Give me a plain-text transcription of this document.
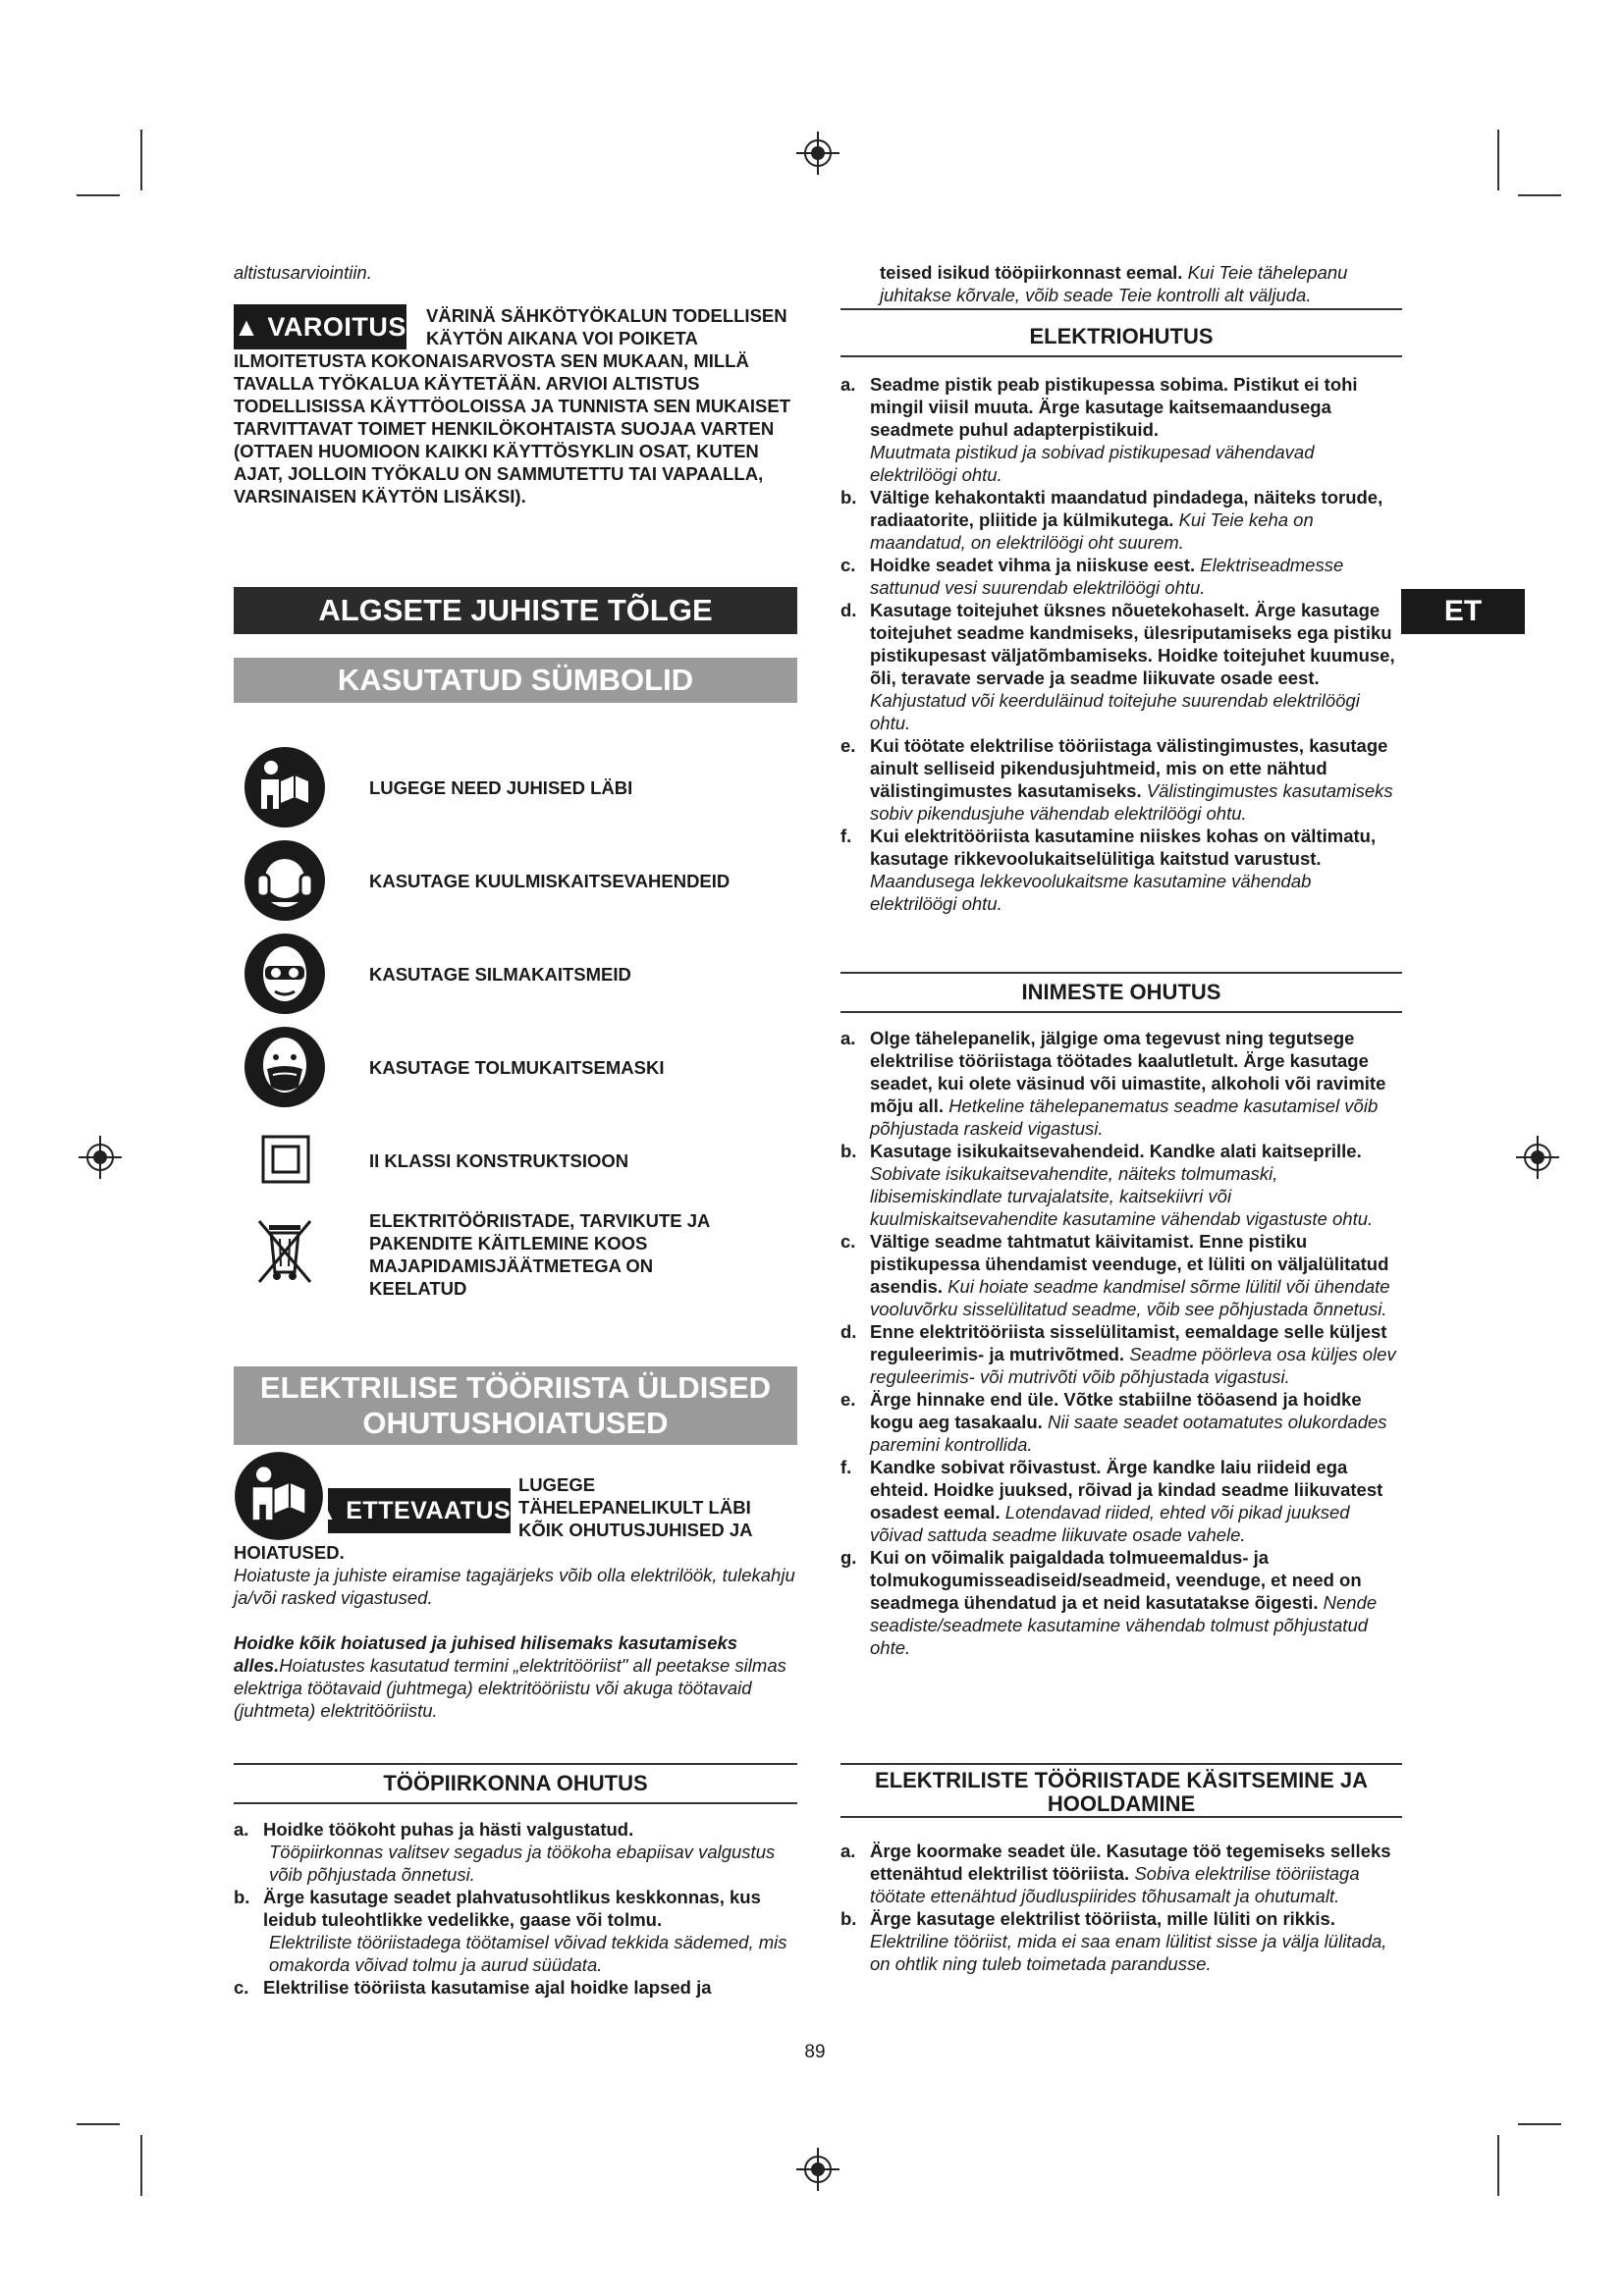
ET
altistusarviointiin.
▲ VAROITUS VÄRINÄ SÄHKÖTYÖKALUN TODELLISEN
KÄYTÖN AIKANA VOI POIKETA
ILMOITETUSTA KOKONAISARVOSTA SEN MUKAAN, MILLÄ TAVALLA TYÖKALUA KÄYTETÄÄN. ARVIOI ALTISTUS TODELLISISSA KÄYTTÖOLOISSA JA TUNNISTA SEN MUKAISET TARVITTAVAT TOIMET HENKILÖKOHTAISTA SUOJAA VARTEN (OTTAEN HUOMIOON KAIKKI KÄYTTÖSYKLIN OSAT, KUTEN AJAT, JOLLOIN TYÖKALU ON SAMMUTETTU TAI VAPAALLA, VARSINAISEN KÄYTÖN LISÄKSI).
ALGSETE JUHISTE TÕLGE
KASUTATUD SÜMBOLID
LUGEGE NEED JUHISED LÄBI
KASUTAGE KUULMISKAITSEVAHENDEID
KASUTAGE SILMAKAITSMEID
KASUTAGE TOLMUKAITSEMASKI
II KLASSI KONSTRUKTSIOON
ELEKTRITÖÖRIISTADE, TARVIKUTE JA PAKENDITE KÄITLEMINE KOOS MAJAPIDAMISJÄÄTMETEGA ON KEELATUD
ELEKTRILISE TÖÖRIISTA ÜLDISED
OHUTUSHOIATUSED
▲ ETTEVAATUST
LUGEGE
TÄHELEPANELIKULT LÄBI
KÕIK OHUTUSJUHISED JA
HOIATUSED.
Hoiatuste ja juhiste eiramise tagajärjeks võib olla elektrilöök, tulekahju ja/või rasked vigastused.
Hoidke kõik hoiatused ja juhised hilisemaks kasutamiseks alles.Hoiatustes kasutatud termini „elektritööriist" all peetakse silmas elektriga töötavaid (juhtmega) elektritööriistu või akuga töötavaid (juhtmeta) elektritööriistu.
TÖÖPIIRKONNA OHUTUS
a. Hoidke töökoht puhas ja hästi valgustatud.
Tööpiirkonnas valitsev segadus ja töökoha ebapiisav valgustus võib põhjustada õnnetusi.
b. Ärge kasutage seadet plahvatusohtlikus keskkonnas, kus leidub tuleohtlikke vedelikke, gaase või tolmu.
Elektriliste tööriistadega töötamisel võivad tekkida sädemed, mis omakorda võivad tolmu ja aurud süüdata.
c. Elektrilise tööriista kasutamise ajal hoidke lapsed ja
teised isikud tööpiirkonnast eemal. Kui Teie tähelepanu juhitakse kõrvale, võib seade Teie kontrolli alt väljuda.
ELEKTRIOHUTUS
a. Seadme pistik peab pistikupessa sobima. Pistikut ei tohi mingil viisil muuta. Ärge kasutage kaitsemaandusega seadmete puhul adapterpistikuid.
Muutmata pistikud ja sobivad pistikupesad vähendavad elektrilöögi ohtu.
b. Vältige kehakontakti maandatud pindadega, näiteks torude, radiaatorite, pliitide ja külmikutega. Kui Teie keha on maandatud, on elektrilöögi oht suurem.
c. Hoidke seadet vihma ja niiskuse eest. Elektriseadmesse sattunud vesi suurendab elektrilöögi ohtu.
d. Kasutage toitejuhet üksnes nõuetekohaselt. Ärge kasutage toitejuhet seadme kandmiseks, ülesriputamiseks ega pistiku pistikupesast väljatõmbamiseks. Hoidke toitejuhet kuumuse, õli, teravate servade ja seadme liikuvate osade eest.
Kahjustatud või keerduläinud toitejuhe suurendab elektrilöögi ohtu.
e. Kui töötate elektrilise tööriistaga välistingimustes, kasutage ainult selliseid pikendusjuhtmeid, mis on ette nähtud välistingimustes kasutamiseks. Välistingimustes kasutamiseks sobiv pikendusjuhe vähendab elektrilöögi ohtu.
f. Kui elektritööriista kasutamine niiskes kohas on vältimatu, kasutage rikkevoolukaitselülitiga kaitstud varustust. Maandusega lekkevoolukaitsme kasutamine vähendab elektrilöögi ohtu.
INIMESTE OHUTUS
a. Olge tähelepanelik, jälgige oma tegevust ning tegutsege elektrilise tööriistaga töötades kaalutletult. Ärge kasutage seadet, kui olete väsinud või uimastite, alkoholi või ravimite mõju all. Hetkeline tähelepanematus seadme kasutamisel võib põhjustada raskeid vigastusi.
b. Kasutage isikukaitsevahendeid. Kandke alati kaitseprille. Sobivate isikukaitsevahendite, näiteks tolmumaski, libisemiskindlate turvajalatsite, kaitsekiivri või kuulmiskaitsevahendite kasutamine vähendab vigastuste ohtu.
c. Vältige seadme tahtmatut käivitamist. Enne pistiku pistikupessa ühendamist veenduge, et lüliti on väljalülitatud asendis. Kui hoiate seadme kandmisel sõrme lülitil või ühendate vooluvõrku sisselülitatud seadme, võib see põhjustada õnnetusi.
d. Enne elektritööriista sisselülitamist, eemaldage selle küljest reguleerimis- ja mutrivõtmed. Seadme pöörleva osa küljes olev reguleerimis- või mutrivõti võib põhjustada vigastusi.
e. Ärge hinnake end üle. Võtke stabiilne tööasend ja hoidke kogu aeg tasakaalu. Nii saate seadet ootamatutes olukordades paremini kontrollida.
f. Kandke sobivat rõivastust. Ärge kandke laiu riideid ega ehteid. Hoidke juuksed, rõivad ja kindad seadme liikuvatest osadest eemal. Lotendavad riided, ehted või pikad juuksed võivad sattuda seadme liikuvate osade vahele.
g. Kui on võimalik paigaldada tolmueemaldus- ja tolmukogumisseadiseid/seadmeid, veenduge, et need on seadmega ühendatud ja et neid kasutatakse õigesti. Nende seadiste/seadmete kasutamine vähendab tolmust põhjustatud ohte.
ELEKTRILISTE TÖÖRIISTADE KÄSITSEMINE JA
HOOLDAMINE
a. Ärge koormake seadet üle. Kasutage töö tegemiseks selleks ettenähtud elektrilist tööriista. Sobiva elektrilise tööriistaga töötate ettenähtud jõudluspiirides tõhusamalt ja ohutumalt.
b. Ärge kasutage elektrilist tööriista, mille lüliti on rikkis. Elektriline tööriist, mida ei saa enam lülitist sisse ja välja lülitada, on ohtlik ning tuleb toimetada parandusse.
89
